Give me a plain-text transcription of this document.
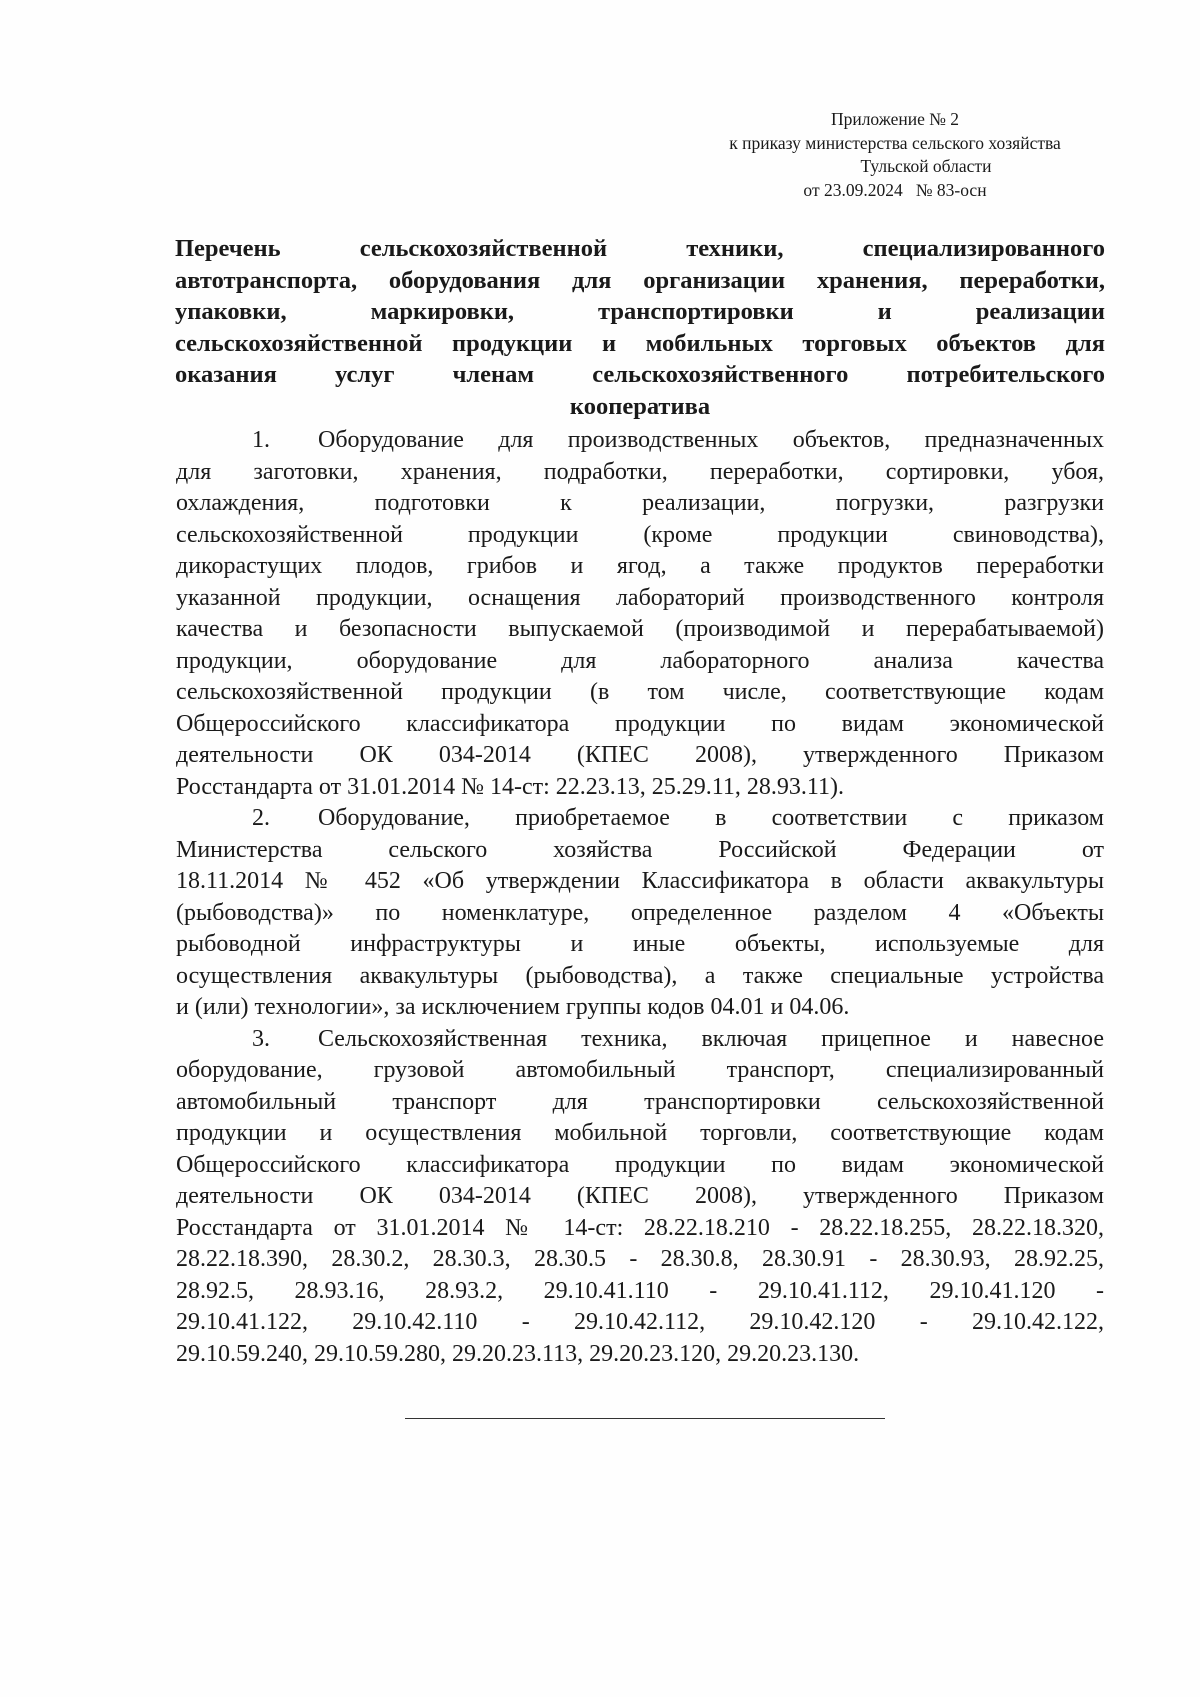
Приложение № 2
к приказу министерства сельского хозяйства
Тульской области
от 23.09.2024   № 83-осн
Перечень сельскохозяйственной техники, специализированного
автотранспорта, оборудования для организации хранения, переработки,
упаковки, маркировки, транспортировки и реализации
сельскохозяйственной продукции и мобильных торговых объектов для
оказания услуг членам сельскохозяйственного потребительского
кооператива
1. Оборудование для производственных объектов, предназначенных
для заготовки, хранения, подработки, переработки, сортировки, убоя,
охлаждения, подготовки к реализации, погрузки, разгрузки
сельскохозяйственной продукции (кроме продукции свиноводства),
дикорастущих плодов, грибов и ягод, а также продуктов переработки
указанной продукции, оснащения лабораторий производственного контроля
качества и безопасности выпускаемой (производимой и перерабатываемой)
продукции, оборудование для лабораторного анализа качества
сельскохозяйственной продукции (в том числе, соответствующие кодам
Общероссийского классификатора продукции по видам экономической
деятельности ОК 034-2014 (КПЕС 2008), утвержденного Приказом
Росстандарта от 31.01.2014 № 14-ст: 22.23.13, 25.29.11, 28.93.11).
2. Оборудование, приобретаемое в соответствии с приказом
Министерства сельского хозяйства Российской Федерации от
18.11.2014 № 452 «Об утверждении Классификатора в области аквакультуры
(рыбоводства)» по номенклатуре, определенное разделом 4 «Объекты
рыбоводной инфраструктуры и иные объекты, используемые для
осуществления аквакультуры (рыбоводства), а также специальные устройства
и (или) технологии», за исключением группы кодов 04.01 и 04.06.
3. Сельскохозяйственная техника, включая прицепное и навесное
оборудование, грузовой автомобильный транспорт, специализированный
автомобильный транспорт для транспортировки сельскохозяйственной
продукции и осуществления мобильной торговли, соответствующие кодам
Общероссийского классификатора продукции по видам экономической
деятельности ОК 034-2014 (КПЕС 2008), утвержденного Приказом
Росстандарта от 31.01.2014 № 14-ст: 28.22.18.210 - 28.22.18.255, 28.22.18.320,
28.22.18.390, 28.30.2, 28.30.3, 28.30.5 - 28.30.8, 28.30.91 - 28.30.93, 28.92.25,
28.92.5, 28.93.16, 28.93.2, 29.10.41.110 - 29.10.41.112, 29.10.41.120 -
29.10.41.122, 29.10.42.110 - 29.10.42.112, 29.10.42.120 - 29.10.42.122,
29.10.59.240, 29.10.59.280, 29.20.23.113, 29.20.23.120, 29.20.23.130.
